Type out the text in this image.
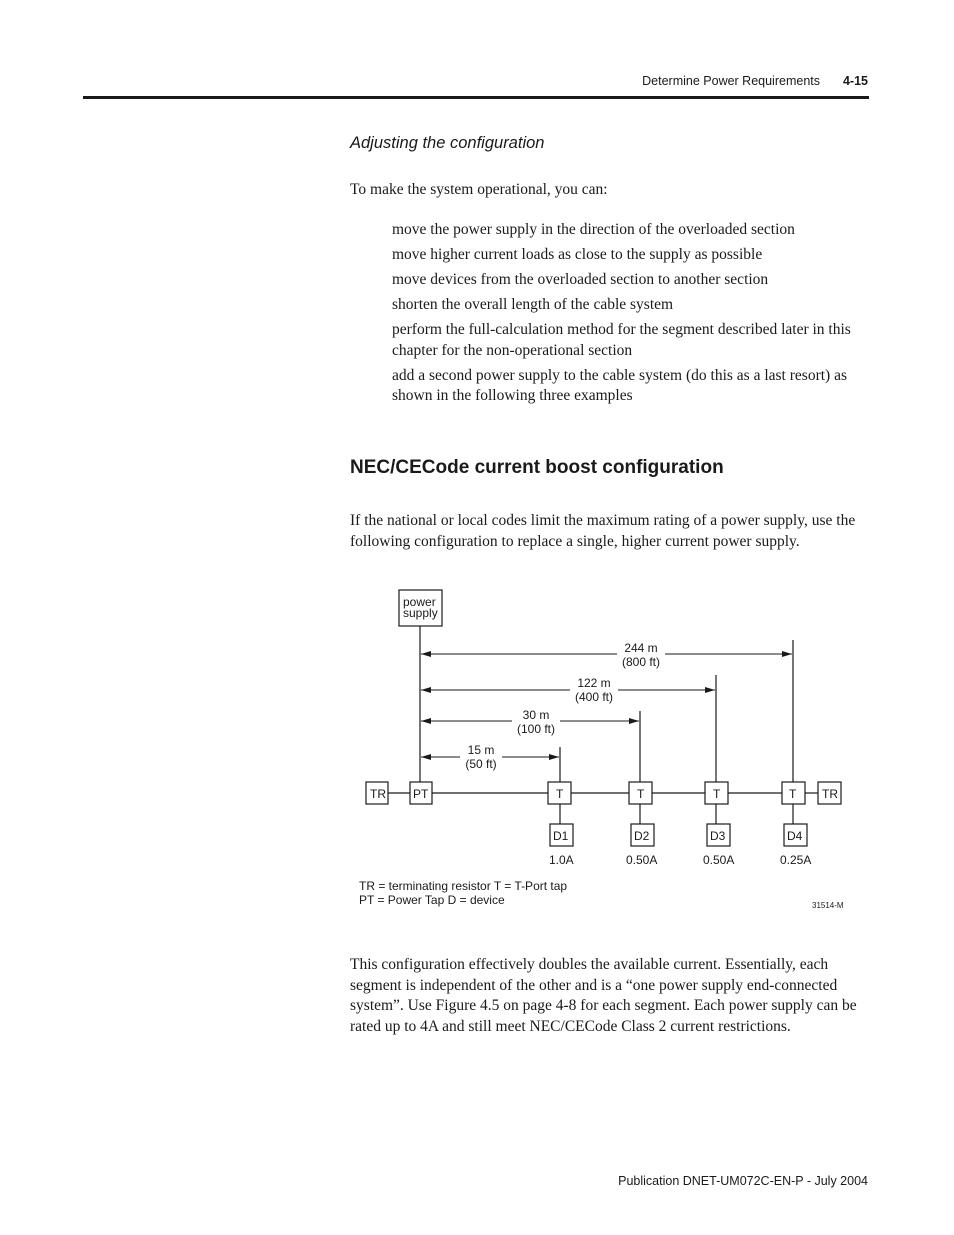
Determine Power Requirements 4-15
Adjusting the configuration
To make the system operational, you can:
move the power supply in the direction of the overloaded section
move higher current loads as close to the supply as possible
move devices from the overloaded section to another section
shorten the overall length of the cable system
perform the full-calculation method for the segment described later in this chapter for the non-operational section
add a second power supply to the cable system (do this as a last resort) as shown in the following three examples
NEC/CECode current boost configuration
If the national or local codes limit the maximum rating of a power supply, use the following configuration to replace a single, higher current power supply.
power
supply
TR PT	T	T	T	T TR
D1
1.0A
D2
0.50A
D3
0.50A
D4
0.25A
15 m
(50 ft)
30 m
(100 ft)
122 m
(400 ft)
244 m
(800 ft)
TR = terminating resistor T = T-Port tap
PT = Power Tap D = device	31514-M
This configuration effectively doubles the available current. Essentially, each segment is independent of the other and is a “one power supply end-connected system”. Use Figure 4.5 on page 4-8 for each segment. Each power supply can be rated up to 4A and still meet NEC/CECode Class 2 current restrictions.
Publication DNET-UM072C-EN-P - July 2004
